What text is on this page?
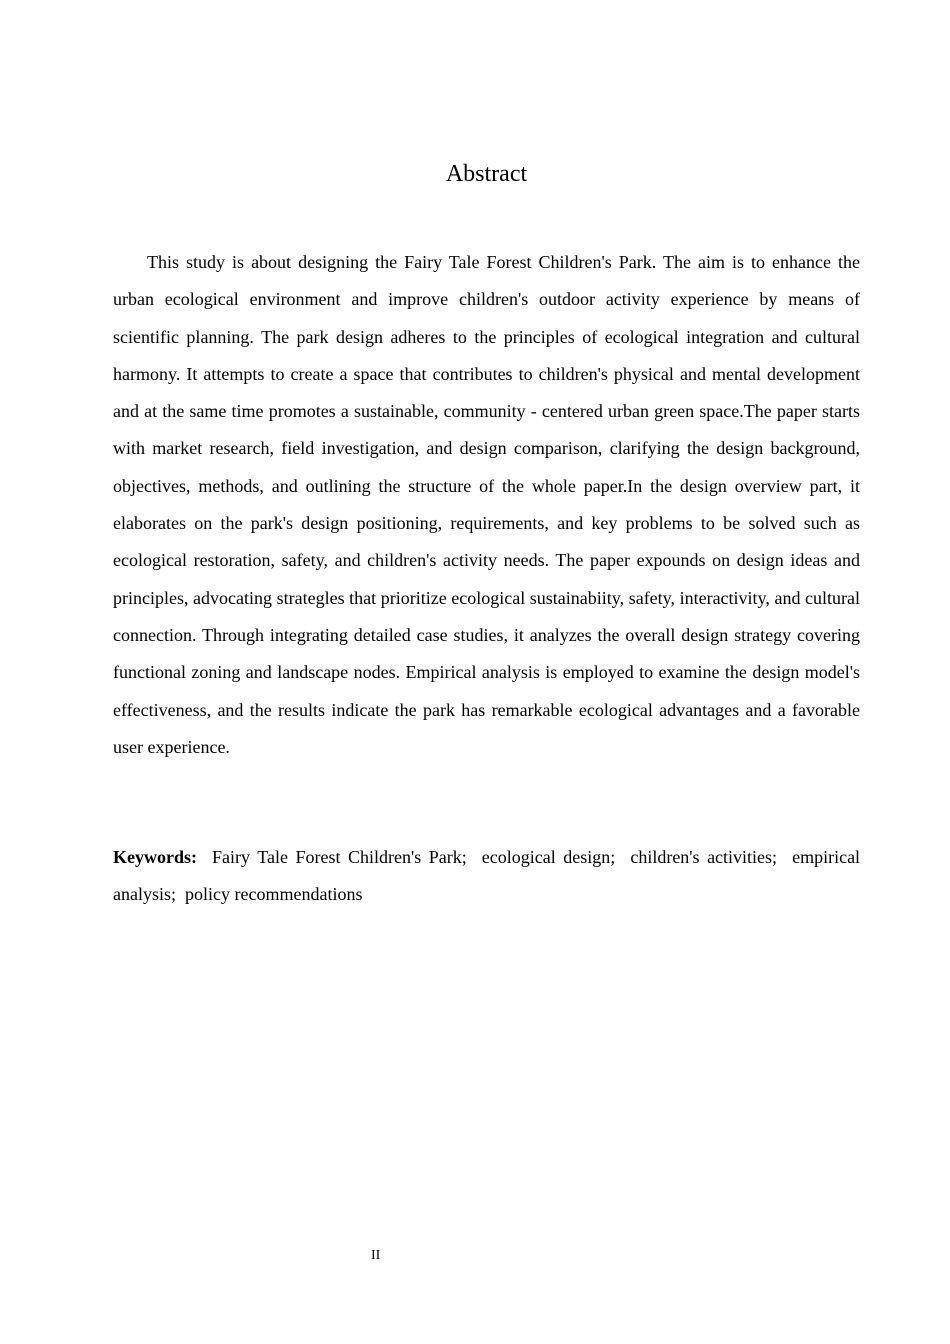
Abstract

This study is about designing the Fairy Tale Forest Children's Park. The aim is to enhance the urban ecological environment and improve children's outdoor activity experience by means of scientific planning. The park design adheres to the principles of ecological integration and cultural harmony. It attempts to create a space that contributes to children's physical and mental development and at the same time promotes a sustainable, community - centered urban green space.The paper starts with market research, field investigation, and design comparison, clarifying the design background, objectives, methods, and outlining the structure of the whole paper.In the design overview part, it elaborates on the park's design positioning, requirements, and key problems to be solved such as ecological restoration, safety, and children's activity needs. The paper expounds on design ideas and principles, advocating strategles that prioritize ecological sustainabiity, safety, interactivity, and cultural connection. Through integrating detailed case studies, it analyzes the overall design strategy covering functional zoning and landscape nodes. Empirical analysis is employed to examine the design model's effectiveness, and the results indicate the park has remarkable ecological advantages and a favorable user experience.

Keywords: Fairy Tale Forest Children's Park; ecological design; children's activities; empirical analysis; policy recommendations

II
